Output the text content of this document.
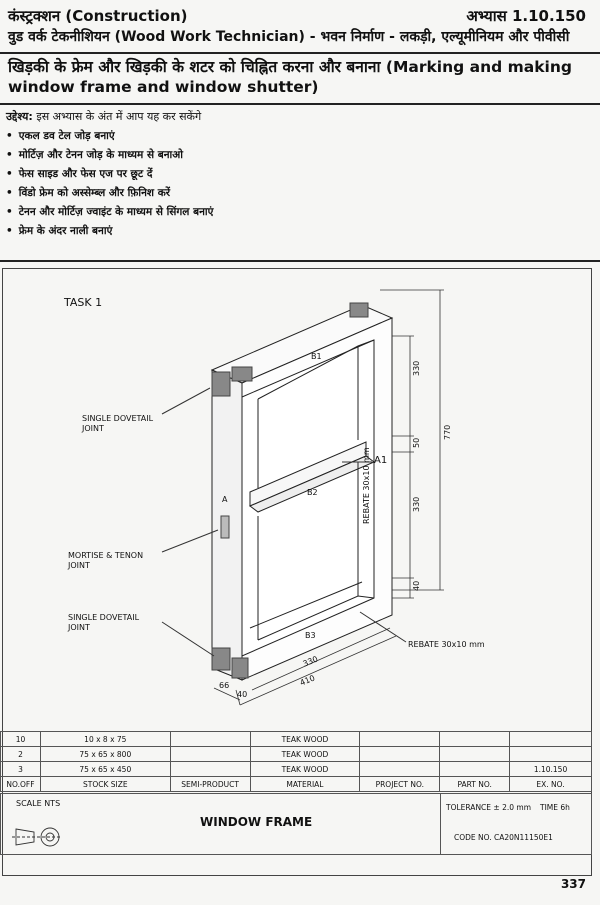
कंस्ट्रक्शन (Construction)	अभ्यास 1.10.150
वुड वर्क टेकनीशियन (Wood Work Technician) - भवन निर्माण - लकड़ी, एल्यूमीनियम और पीवीसी
खिड़की के फ्रेम और खिड़की के शटर को चिह्नित करना और बनाना (Marking and making window frame and window shutter)
उद्देश्य: इस अभ्यास के अंत में आप यह कर सकेंगे
• एकल डव टेल जोड़ बनाएं
• मोर्टिज़ और टेनन जोड़ के माध्यम से बनाओ
• फेस साइड और फेस एज पर छूट दें
• विंडो फ्रेम को अस्सेम्ब्ल और फ़िनिश करें
• टेनन और मोर्टिज़ ज्वाइंट के माध्यम से सिंगल बनाएं
• फ्रेम के अंदर नाली बनाएं
TASK 1
SINGLE DOVETAIL
JOINT
MORTISE & TENON
JOINT
SINGLE DOVETAIL
JOINT
REBATE 30x10 mm
REBATE 30x10 mm
B1
B2
B3
A
A1
330
50
770
330
40
330
410
66
40
10	10 x 8 x 75		TEAK WOOD			
2	75 x 65 x 800		TEAK WOOD			
3	75 x 65 x 450		TEAK WOOD			1.10.150
NO.OFF	STOCK SIZE	SEMI-PRODUCT	MATERIAL	PROJECT NO.	PART NO.	EX. NO.
SCALE NTS
WINDOW FRAME
TOLERANCE ± 2.0 mm TIME 6h
CODE NO. CA20N11150E1
337
